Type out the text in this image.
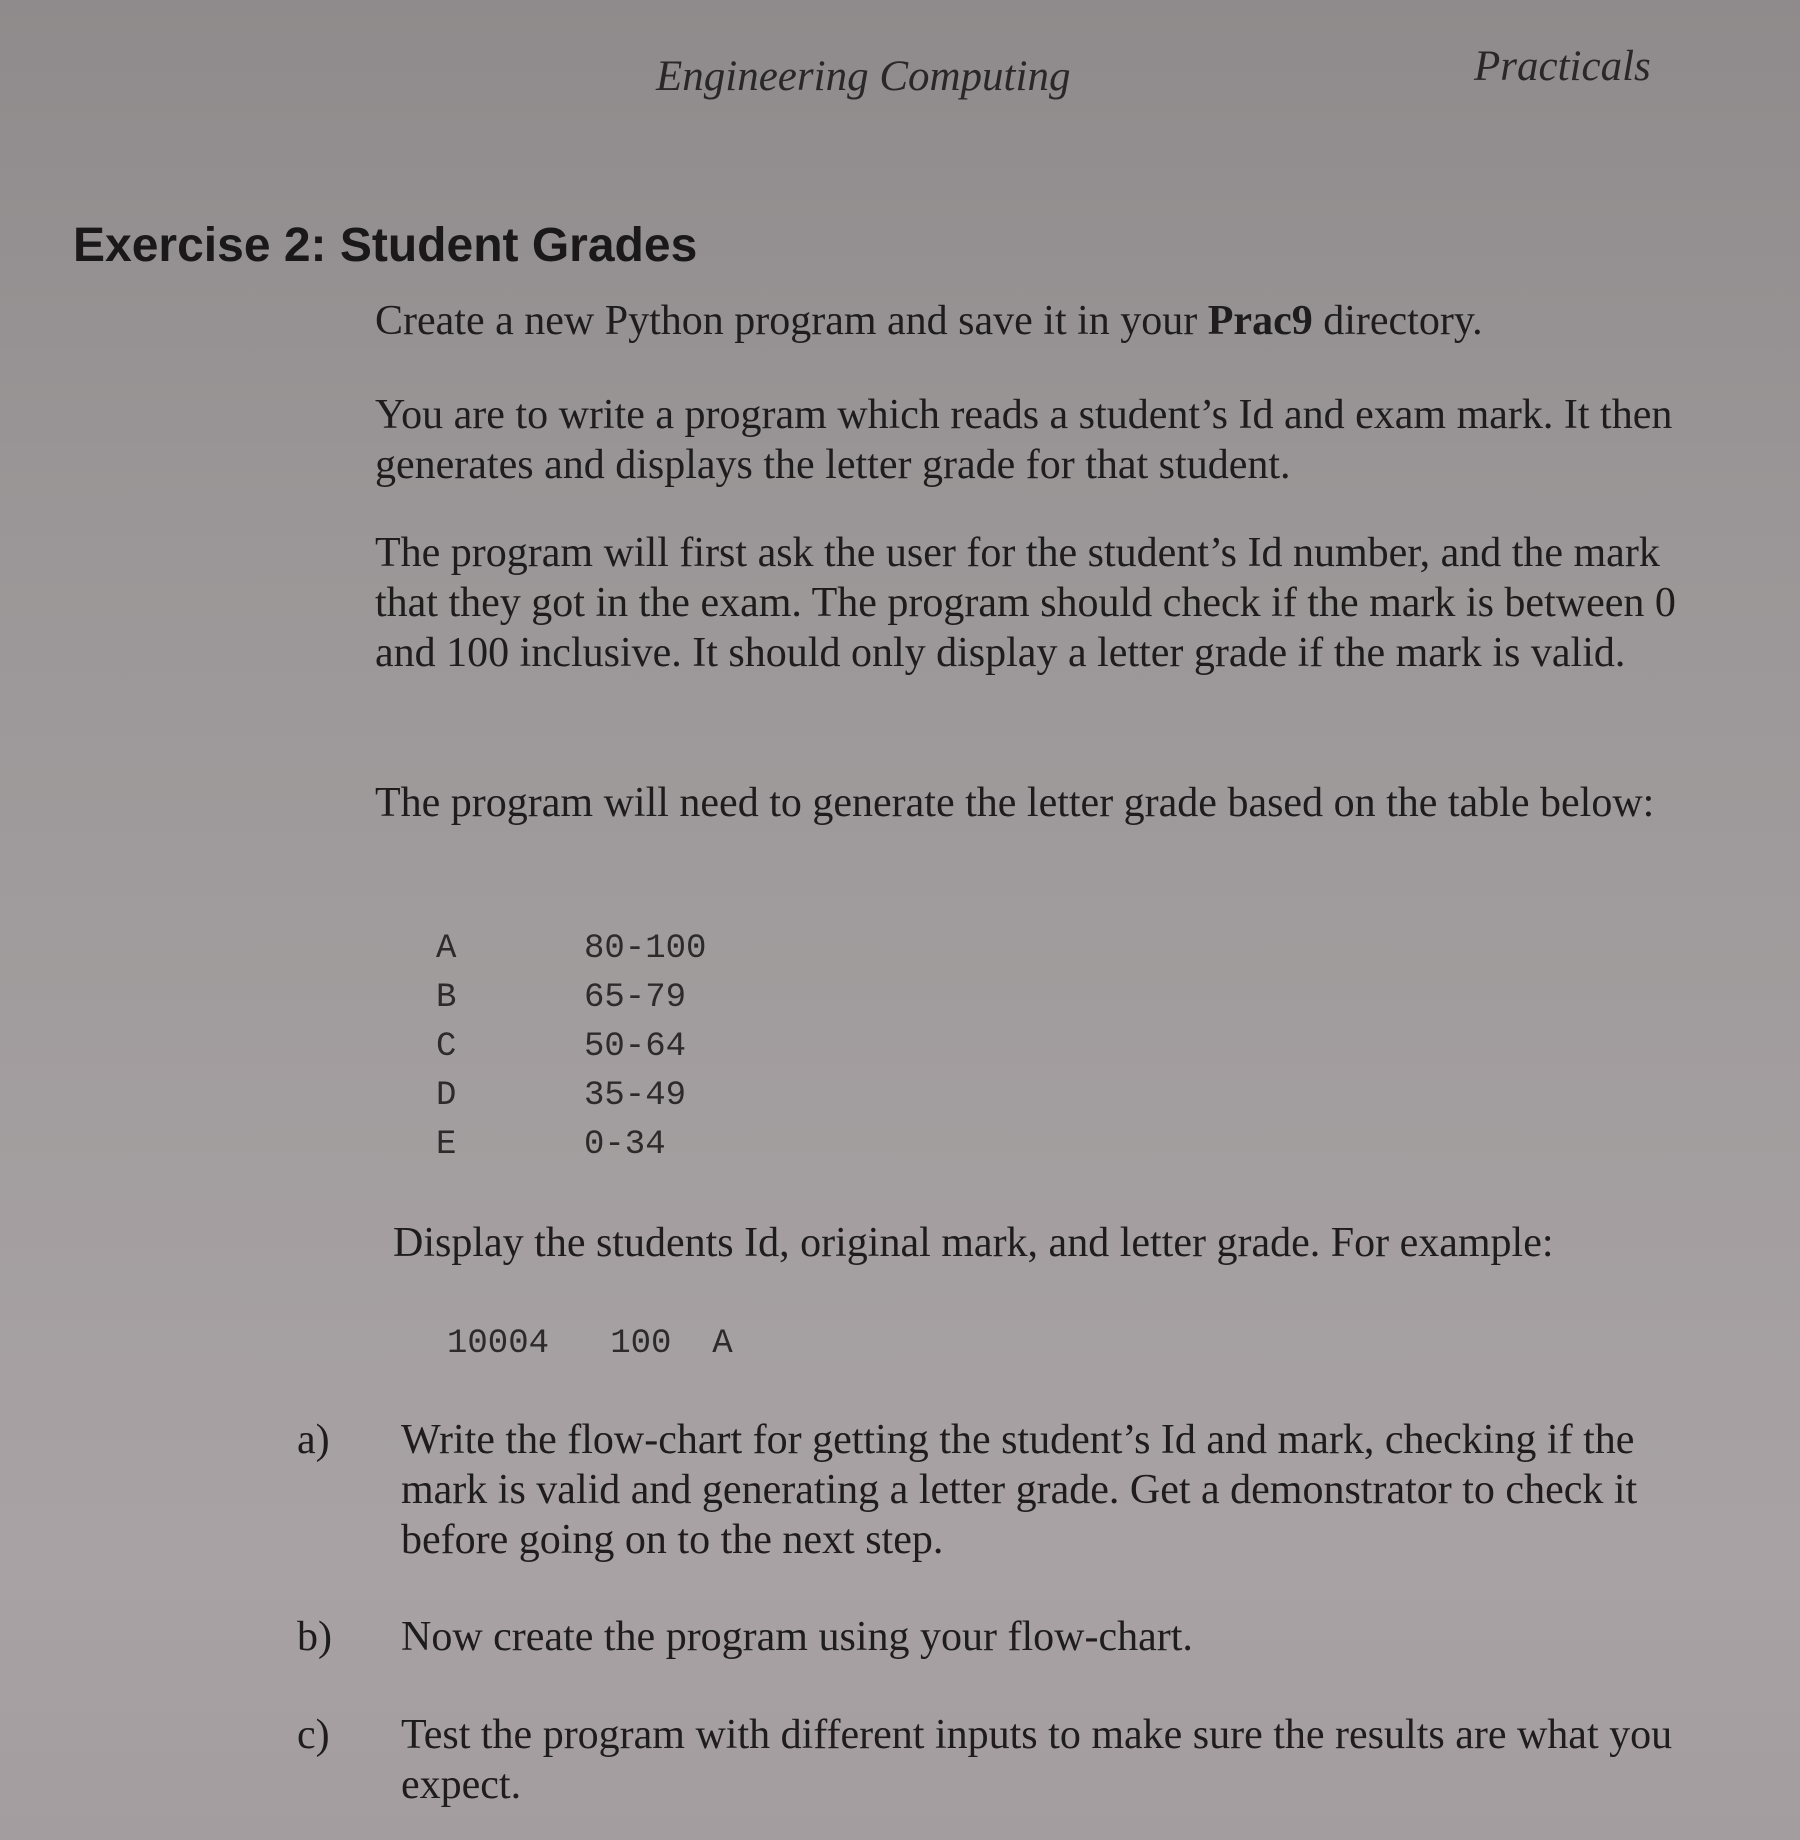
Engineering Computing	Practicals
Exercise 2: Student Grades
Create a new Python program and save it in your Prac9 directory.
You are to write a program which reads a student’s Id and exam mark. It then generates and displays the letter grade for that student.
The program will first ask the user for the student’s Id number, and the mark that they got in the exam. The program should check if the mark is between 0 and 100 inclusive. It should only display a letter grade if the mark is valid.
The program will need to generate the letter grade based on the table below:
A	80-100
B	65-79
C	50-64
D	35-49
E	0-34
Display the students Id, original mark, and letter grade. For example:
10004   100  A
a)	Write the flow-chart for getting the student’s Id and mark, checking if the mark is valid and generating a letter grade. Get a demonstrator to check it before going on to the next step.
b)	Now create the program using your flow-chart.
c)	Test the program with different inputs to make sure the results are what you expect.
